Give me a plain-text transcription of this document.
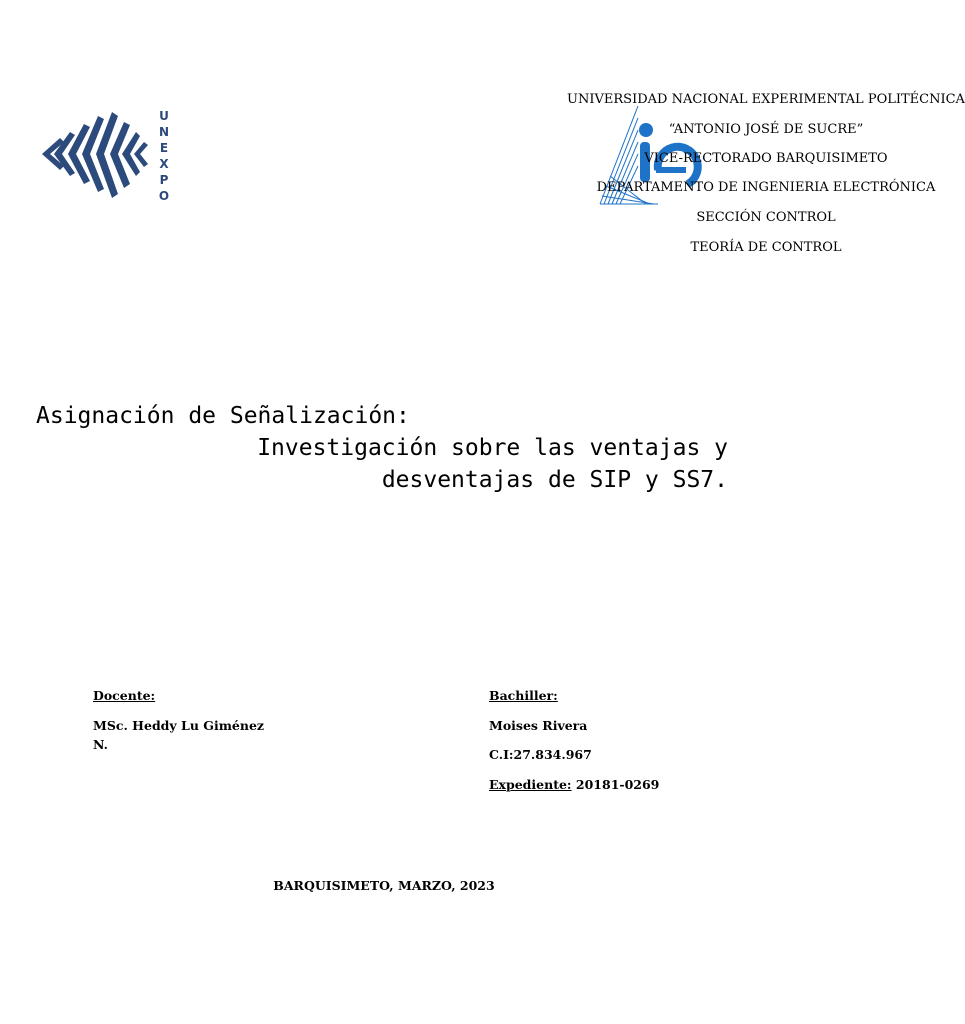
U
N
E
X
P
O
UNIVERSIDAD NACIONAL EXPERIMENTAL POLITÉCNICA
“ANTONIO JOSÉ DE SUCRE”
VICE-RECTORADO BARQUISIMETO
DEPARTAMENTO DE INGENIERIA ELECTRÓNICA
SECCIÓN CONTROL
TEORÍA DE CONTROL
Asignación de Señalización:
Investigación sobre las ventajas y
desventajas de SIP y SS7.
Docente:
MSc. Heddy Lu Giménez
N.
Bachiller:
Moises Rivera
C.I:27.834.967
Expediente: 20181-0269
BARQUISIMETO, MARZO, 2023
